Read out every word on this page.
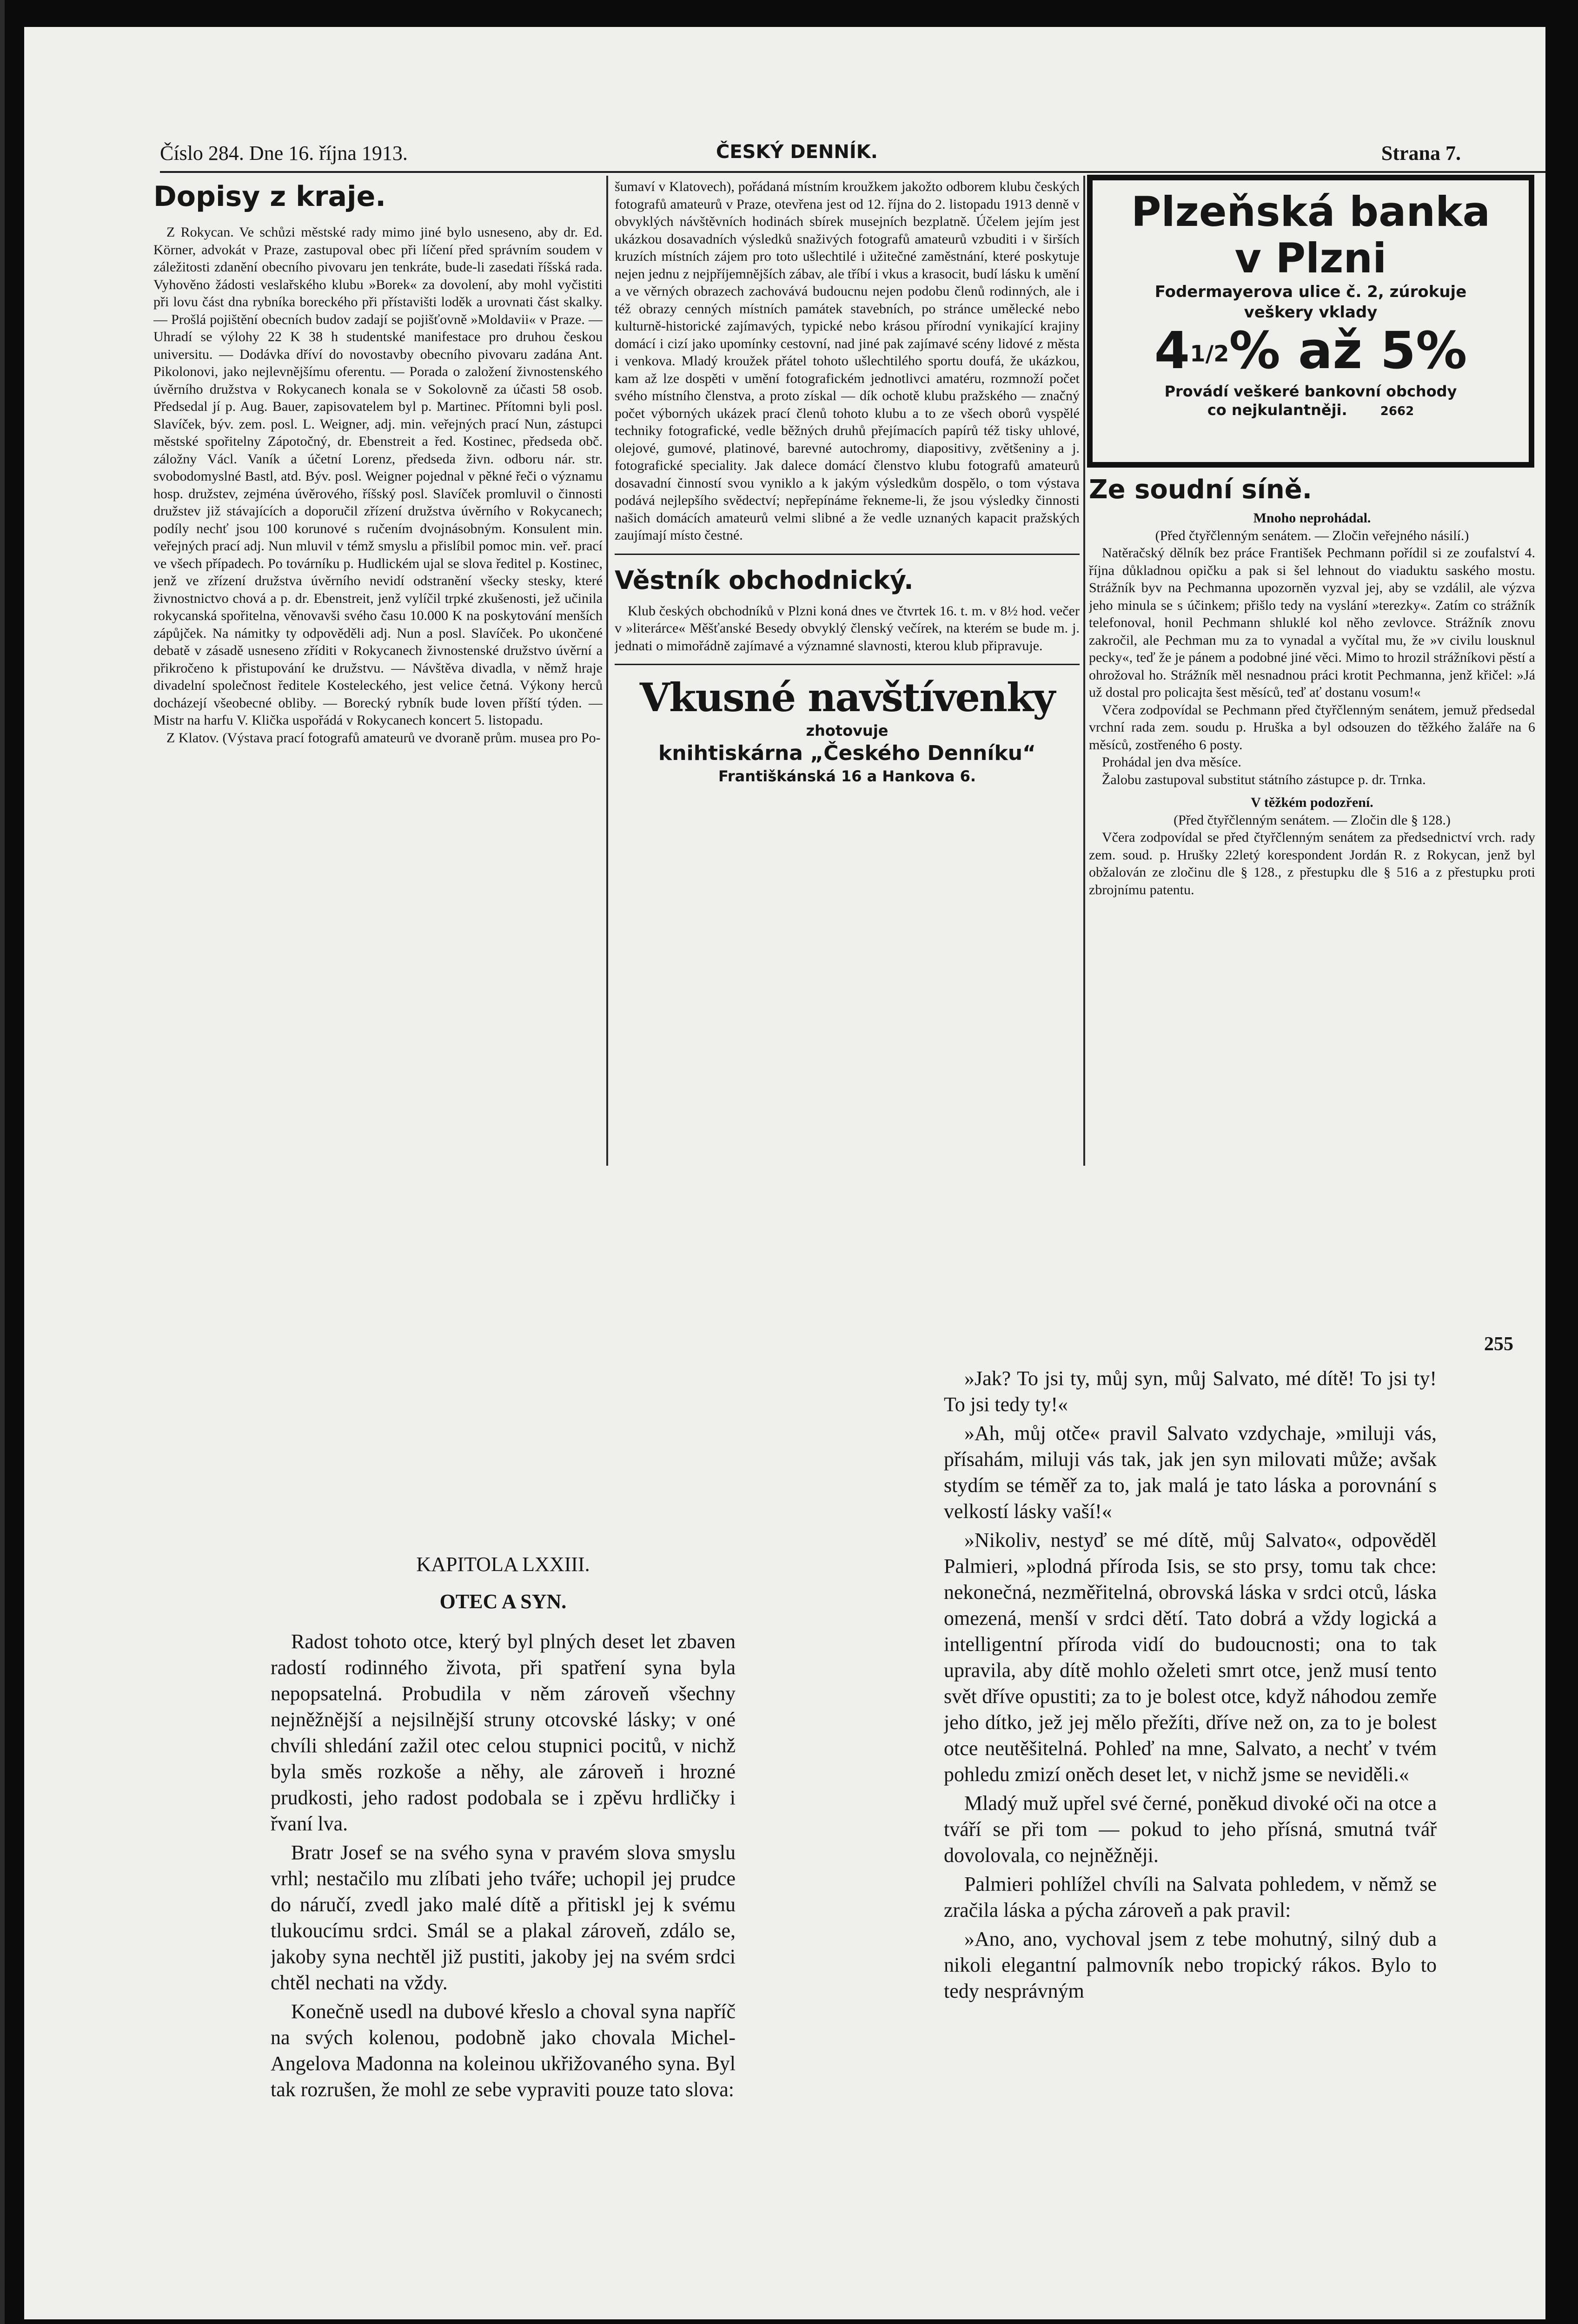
Číslo 284. Dne 16. října 1913.	ČESKÝ DENNÍK.	Strana 7.
Dopisy z kraje.

Z Rokycan. Ve schůzi městské rady mimo jiné bylo usneseno, aby dr. Ed. Körner, advokát v Praze, zastupoval obec při líčení před správním soudem v záležitosti zdanění obecního pivovaru jen tenkráte, bude-li zasedati říšská rada. Vyhověno žádosti veslařského klubu »Borek« za dovolení, aby mohl vyčistiti při lovu část dna rybníka boreckého při přístavišti loděk a urovnati část skalky. — Prošlá pojištění obecních budov zadají se pojišťovně »Moldavii« v Praze. — Uhradí se výlohy 22 K 38 h studentské manifestace pro druhou českou universitu. — Dodávka dříví do novostavby obecního pivovaru zadána Ant. Pikolonovi, jako nejlevnějšímu oferentu. — Porada o založení živnostenského úvěrního družstva v Rokycanech konala se v Sokolovně za účasti 58 osob. Předsedal jí p. Aug. Bauer, zapisovatelem byl p. Martinec. Přítomni byli posl. Slavíček, býv. zem. posl. L. Weigner, adj. min. veřejných prací Nun, zástupci městské spořitelny Zápotočný, dr. Ebenstreit a řed. Kostinec, předseda obč. záložny Václ. Vaník a účetní Lorenz, předseda živn. odboru nár. str. svobodomyslné Bastl, atd. Býv. posl. Weigner pojednal v pěkné řeči o významu hosp. družstev, zejména úvěrového, říšský posl. Slavíček promluvil o činnosti družstev již stávajících a doporučil zřízení družstva úvěrního v Rokycanech; podíly nechť jsou 100 korunové s ručením dvojnásobným. Konsulent min. veřejných prací adj. Nun mluvil v témž smyslu a přislíbil pomoc min. veř. prací ve všech případech. Po továrníku p. Hudlickém ujal se slova ředitel p. Kostinec, jenž ve zřízení družstva úvěrního nevidí odstranění všecky stesky, které živnostnictvo chová a p. dr. Ebenstreit, jenž vylíčil trpké zkušenosti, jež učinila rokycanská spořitelna, věnovavši svého času 10.000 K na poskytování menších zápůjček. Na námitky ty odpověděli adj. Nun a posl. Slavíček. Po ukončené debatě v zásadě usneseno zříditi v Rokycanech živnostenské družstvo úvěrní a přikročeno k přistupování ke družstvu. — Návštěva divadla, v němž hraje divadelní společnost ředitele Kosteleckého, jest velice četná. Výkony herců docházejí všeobecné obliby. — Borecký rybník bude loven příští týden. — Mistr na harfu V. Klička uspořádá v Rokycanech koncert 5. listopadu.

Z Klatov. (Výstava prací fotografů amateurů ve dvoraně prům. musea pro Po-

šumaví v Klatovech), pořádaná místním kroužkem jakožto odborem klubu českých fotografů amateurů v Praze, otevřena jest od 12. října do 2. listopadu 1913 denně v obvyklých návštěvních hodinách sbírek musejních bezplatně. Účelem jejím jest ukázkou dosavadních výsledků snaživých fotografů amateurů vzbuditi i v širších kruzích místních zájem pro toto ušlechtilé i užitečné zaměstnání, které poskytuje nejen jednu z nejpříjemnějších zábav, ale tříbí i vkus a krasocit, budí lásku k umění a ve věrných obrazech zachovává budoucnu nejen podobu členů rodinných, ale i též obrazy cenných místních památek stavebních, po stránce umělecké nebo kulturně-historické zajímavých, typické nebo krásou přírodní vynikající krajiny domácí i cizí jako upomínky cestovní, nad jiné pak zajímavé scény lidové z města i venkova. Mladý kroužek přátel tohoto ušlechtilého sportu doufá, že ukázkou, kam až lze dospěti v umění fotografickém jednotlivci amatéru, rozmnoží počet svého místního členstva, a proto získal — dík ochotě klubu pražského — značný počet výborných ukázek prací členů tohoto klubu a to ze všech oborů vyspělé techniky fotografické, vedle běžných druhů přejímacích papírů též tisky uhlové, olejové, gumové, platinové, barevné autochromy, diapositivy, zvětšeniny a j. fotografické speciality. Jak dalece domácí členstvo klubu fotografů amateurů dosavadní činností svou vyniklo a k jakým výsledkům dospělo, o tom výstava podává nejlepšího svědectví; nepřepínáme řekneme-li, že jsou výsledky činnosti našich domácích amateurů velmi slibné a že vedle uznaných kapacit pražských zaujímají místo čestné.

Věstník obchodnický.

Klub českých obchodníků v Plzni koná dnes ve čtvrtek 16. t. m. v 8½ hod. večer v »literárce« Měšťanské Besedy obvyklý členský večírek, na kterém se bude m. j. jednati o mimořádně zajímavé a významné slavnosti, kterou klub připravuje.

Vkusné navštívenky
zhotovuje
knihtiskárna „Českého Denníku“
Františkánská 16 a Hankova 6.
Plzeňská banka
v Plzni
Fodermayerova ulice č. 2, zúrokuje
veškery vklady
41/2% až 5%
Provádí veškeré bankovní obchody
co nejkulantněji.	2662
Ze soudní síně.
Mnoho neprohádal.
(Před čtyřčlenným senátem. — Zločin veřejného násilí.)

Natěračský dělník bez práce František Pechmann pořídil si ze zoufalství 4. října důkladnou opičku a pak si šel lehnout do viaduktu saského mostu. Strážník byv na Pechmanna upozorněn vyzval jej, aby se vzdálil, ale výzva jeho minula se s účinkem; přišlo tedy na vyslání »terezky«. Zatím co strážník telefonoval, honil Pechmann shluklé kol něho zevlovce. Strážník znovu zakročil, ale Pechman mu za to vynadal a vyčítal mu, že »v civilu lousknul pecky«, teď že je pánem a podobné jiné věci. Mimo to hrozil strážníkovi pěstí a ohrožoval ho. Strážník měl nesnadnou práci krotit Pechmanna, jenž křičel: »Já už dostal pro policajta šest měsíců, teď ať dostanu vosum!«

Včera zodpovídal se Pechmann před čtyřčlenným senátem, jemuž předsedal vrchní rada zem. soudu p. Hruška a byl odsouzen do těžkého žaláře na 6 měsíců, zostřeného 6 posty.

Prohádal jen dva měsíce.

Žalobu zastupoval substitut státního zástupce p. dr. Trnka.

V těžkém podozření.
(Před čtyřčlenným senátem. — Zločin dle § 128.)

Včera zodpovídal se před čtyřčlenným senátem za předsednictví vrch. rady zem. soud. p. Hrušky 22letý korespondent Jordán R. z Rokycan, jenž byl obžalován ze zločinu dle § 128., z přestupku dle § 516 a z přestupku proti zbrojnímu patentu.

255
KAPITOLA LXXIII.
OTEC A SYN.

Radost tohoto otce, který byl plných deset let zbaven radostí rodinného života, při spatření syna byla nepopsatelná. Probudila v něm zároveň všechny nejněžnější a nejsilnější struny otcovské lásky; v oné chvíli shledání zažil otec celou stupnici pocitů, v nichž byla směs rozkoše a něhy, ale zároveň i hrozné prudkosti, jeho radost podobala se i zpěvu hrdličky i řvaní lva.

Bratr Josef se na svého syna v pravém slova smyslu vrhl; nestačilo mu zlíbati jeho tváře; uchopil jej prudce do náručí, zvedl jako malé dítě a přitiskl jej k svému tlukoucímu srdci. Smál se a plakal zároveň, zdálo se, jakoby syna nechtěl již pustiti, jakoby jej na svém srdci chtěl nechati na vždy.

Konečně usedl na dubové křeslo a choval syna napříč na svých kolenou, podobně jako chovala Michel-Angelova Madonna na koleinou ukřižovaného syna. Byl tak rozrušen, že mohl ze sebe vypraviti pouze tato slova:

»Jak? To jsi ty, můj syn, můj Salvato, mé dítě! To jsi ty! To jsi tedy ty!«

»Ah, můj otče« pravil Salvato vzdychaje, »miluji vás, přísahám, miluji vás tak, jak jen syn milovati může; avšak stydím se téměř za to, jak malá je tato láska a porovnání s velkostí lásky vaší!«

»Nikoliv, nestyď se mé dítě, můj Salvato«, odpověděl Palmieri, »plodná příroda Isis, se sto prsy, tomu tak chce: nekonečná, nezměřitelná, obrovská láska v srdci otců, láska omezená, menší v srdci dětí. Tato dobrá a vždy logická a intelligentní příroda vidí do budoucnosti; ona to tak upravila, aby dítě mohlo oželeti smrt otce, jenž musí tento svět dříve opustiti; za to je bolest otce, když náhodou zemře jeho dítko, jež jej mělo přežíti, dříve než on, za to je bolest otce neutěšitelná. Pohleď na mne, Salvato, a nechť v tvém pohledu zmizí oněch deset let, v nichž jsme se neviděli.«

Mladý muž upřel své černé, poněkud divoké oči na otce a tváří se při tom — pokud to jeho přísná, smutná tvář dovolovala, co nejněžněji.

Palmieri pohlížel chvíli na Salvata pohledem, v němž se zračila láska a pýcha zároveň a pak pravil:

»Ano, ano, vychoval jsem z tebe mohutný, silný dub a nikoli elegantní palmovník nebo tropický rákos. Bylo to tedy nesprávným
